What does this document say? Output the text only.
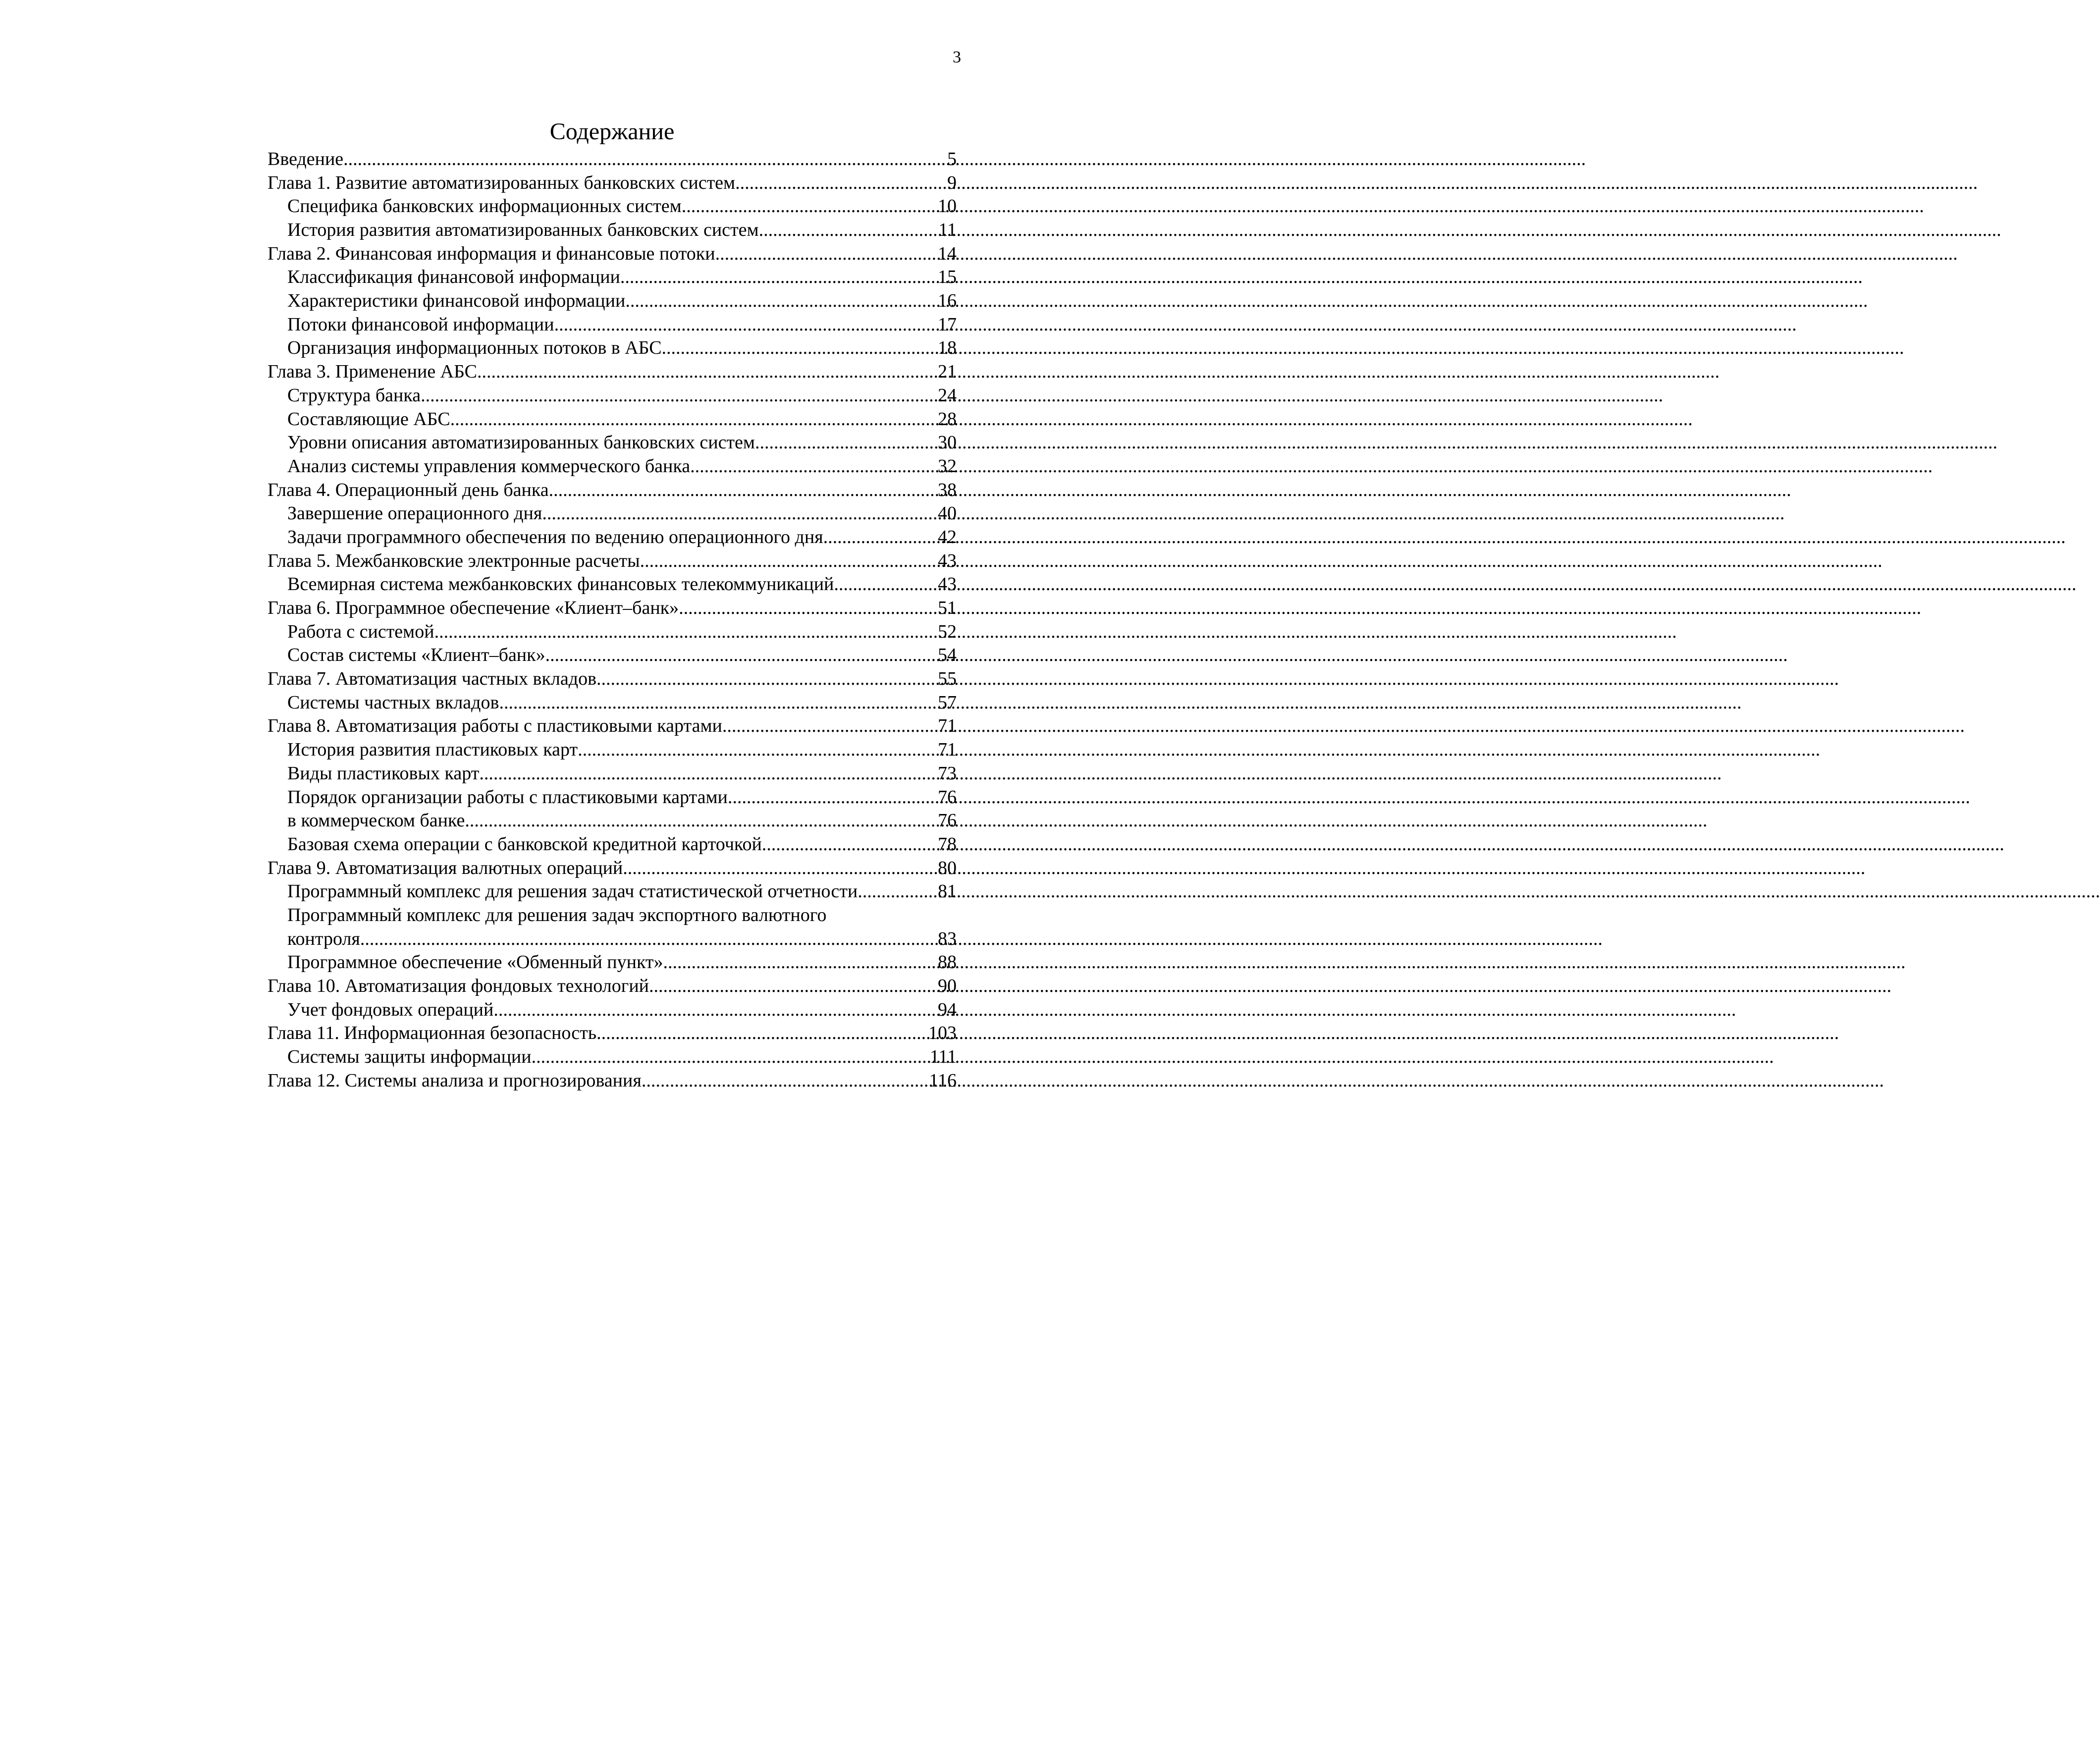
3
Содержание
Введение .....	5
Глава 1. Развитие автоматизированных банковских систем .....	9
Специфика банковских информационных систем .....	10
История развития автоматизированных банковских систем .....	11
Глава 2. Финансовая информация и финансовые потоки .....	14
Классификация финансовой информации .....	15
Характеристики финансовой информации .....	16
Потоки финансовой информации .....	17
Организация информационных потоков в АБС .....	18
Глава 3. Применение АБС .....	21
Структура банка .....	24
Составляющие АБС .....	28
Уровни описания автоматизированных банковских систем .....	30
Анализ системы управления коммерческого банка .....	32
Глава 4. Операционный день банка .....	38
Завершение операционного дня .....	40
Задачи программного обеспечения по ведению операционного дня .....	42
Глава 5. Межбанковские электронные расчеты .....	43
Всемирная система межбанковских финансовых телекоммуникаций .....	43
Глава 6. Программное обеспечение «Клиент–банк» .....	51
Работа с системой .....	52
Состав системы «Клиент–банк» .....	54
Глава 7. Автоматизация частных вкладов .....	55
Системы частных вкладов .....	57
Глава 8. Автоматизация работы с пластиковыми картами .....	71
История развития пластиковых карт .....	71
Виды пластиковых карт .....	73
Порядок организации работы с пластиковыми картами .....	76
в коммерческом банке .....	76
Базовая схема операции с банковской кредитной карточкой .....	78
Глава 9. Автоматизация валютных операций .....	80
Программный комплекс для решения задач статистической отчетности .....	81
Программный комплекс для решения задач экспортного валютного
контроля .....	83
Программное обеспечение «Обменный пункт» .....	88
Глава 10. Автоматизация фондовых технологий .....	90
Учет фондовых операций .....	94
Глава 11. Информационная безопасность .....	103
Системы защиты информации .....	111
Глава 12. Системы анализа и прогнозирования .....	116
